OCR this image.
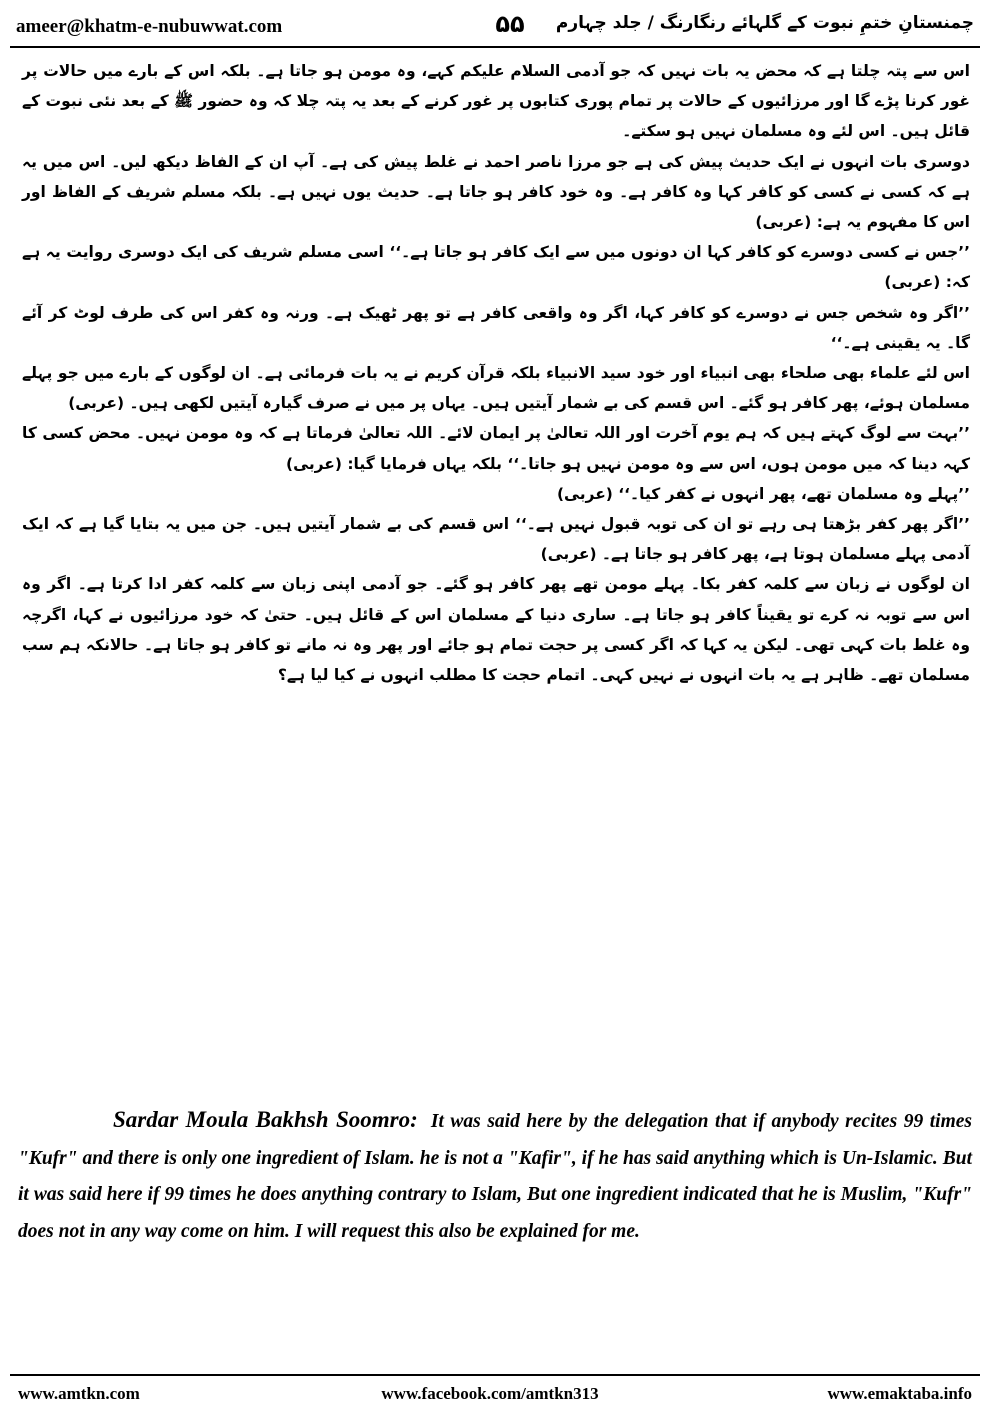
ameer@khatm-e-nubuwwat.com	۵۵	چمنستانِ ختمِ نبوت کے گلہائے رنگارنگ / جلد چہارم

اس سے پتہ چلتا ہے کہ محض یہ بات نہیں کہ جو آدمی السلام علیکم کہے، وہ مومن ہو جاتا ہے۔ بلکہ اس کے بارے میں حالات پر غور کرنا پڑے گا اور مرزائیوں کے حالات پر تمام پوری کتابوں پر غور کرنے کے بعد یہ پتہ چلا کہ وہ حضور ﷺ کے بعد نئی نبوت کے قائل ہیں۔ اس لئے وہ مسلمان نہیں ہو سکتے۔

دوسری بات انہوں نے ایک حدیث پیش کی ہے جو مرزا ناصر احمد نے غلط پیش کی ہے۔ آپ ان کے الفاظ دیکھ لیں۔ اس میں یہ ہے کہ کسی نے کسی کو کافر کہا وہ کافر ہے۔ وہ خود کافر ہو جاتا ہے۔ حدیث یوں نہیں ہے۔ بلکہ مسلم شریف کے الفاظ اور اس کا مفہوم یہ ہے: (عربی)

’’جس نے کسی دوسرے کو کافر کہا ان دونوں میں سے ایک کافر ہو جاتا ہے۔‘‘ اسی مسلم شریف کی ایک دوسری روایت یہ ہے کہ: (عربی)

’’اگر وہ شخص جس نے دوسرے کو کافر کہا، اگر وہ واقعی کافر ہے تو پھر ٹھیک ہے۔ ورنہ وہ کفر اس کی طرف لوٹ کر آئے گا۔ یہ یقینی ہے۔‘‘

اس لئے علماء بھی صلحاء بھی انبیاء اور خود سید الانبیاء بلکہ قرآن کریم نے یہ بات فرمائی ہے۔ ان لوگوں کے بارے میں جو پہلے مسلمان ہوئے، پھر کافر ہو گئے۔ اس قسم کی بے شمار آیتیں ہیں۔ یہاں پر میں نے صرف گیارہ آیتیں لکھی ہیں۔ (عربی)

’’بہت سے لوگ کہتے ہیں کہ ہم یوم آخرت اور اللہ تعالیٰ پر ایمان لائے۔ اللہ تعالیٰ فرماتا ہے کہ وہ مومن نہیں۔ محض کسی کا کہہ دینا کہ میں مومن ہوں، اس سے وہ مومن نہیں ہو جاتا۔‘‘ بلکہ یہاں فرمایا گیا: (عربی)

’’پہلے وہ مسلمان تھے، پھر انہوں نے کفر کیا۔‘‘ (عربی)

’’اگر پھر کفر بڑھتا ہی رہے تو ان کی توبہ قبول نہیں ہے۔‘‘ اس قسم کی بے شمار آیتیں ہیں۔ جن میں یہ بتایا گیا ہے کہ ایک آدمی پہلے مسلمان ہوتا ہے، پھر کافر ہو جاتا ہے۔ (عربی)

ان لوگوں نے زبان سے کلمہ کفر بکا۔ پہلے مومن تھے پھر کافر ہو گئے۔ جو آدمی اپنی زبان سے کلمہ کفر ادا کرتا ہے۔ اگر وہ اس سے توبہ نہ کرے تو یقیناً کافر ہو جاتا ہے۔ ساری دنیا کے مسلمان اس کے قائل ہیں۔ حتیٰ کہ خود مرزائیوں نے کہا، اگرچہ وہ غلط بات کہی تھی۔ لیکن یہ کہا کہ اگر کسی پر حجت تمام ہو جائے اور پھر وہ نہ مانے تو کافر ہو جاتا ہے۔ حالانکہ ہم سب مسلمان تھے۔ ظاہر ہے یہ بات انہوں نے نہیں کہی۔ اتمام حجت کا مطلب انہوں نے کیا لیا ہے؟

Sardar Moula Bakhsh Soomro: It was said here by the delegation that if anybody recites 99 times "Kufr" and there is only one ingredient of Islam. he is not a "Kafir", if he has said anything which is Un-Islamic. But it was said here if 99 times he does anything contrary to Islam, But one ingredient indicated that he is Muslim, "Kufr" does not in any way come on him. I will request this also be explained for me.

www.amtkn.com	www.facebook.com/amtkn313	www.emaktaba.info
